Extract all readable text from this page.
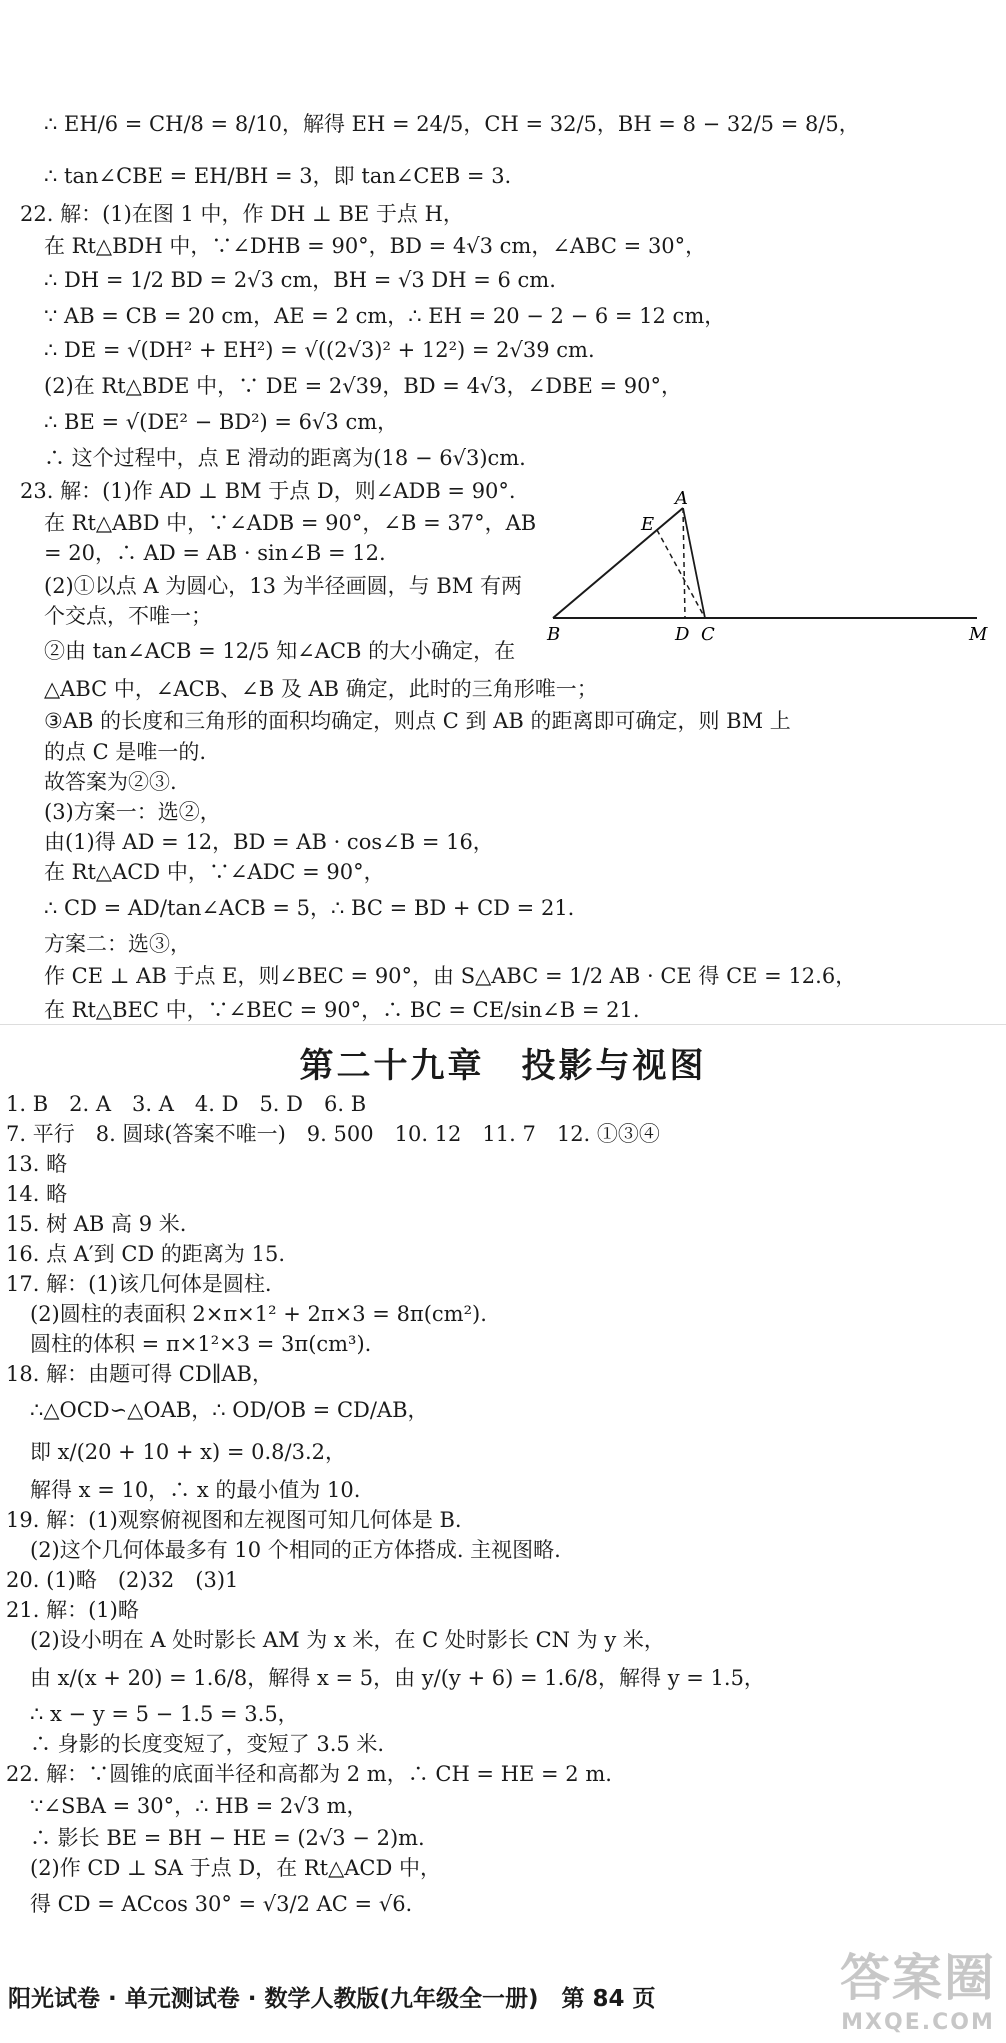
∴ EH/6 = CH/8 = 8/10，解得 EH = 24/5，CH = 32/5，BH = 8 − 32/5 = 8/5，
∴ tan∠CBE = EH/BH = 3，即 tan∠CEB = 3.
22. 解：(1)在图 1 中，作 DH ⊥ BE 于点 H，
在 Rt△BDH 中，∵∠DHB = 90°，BD = 4√3 cm，∠ABC = 30°，
∴ DH = 1/2 BD = 2√3 cm，BH = √3 DH = 6 cm.
∵ AB = CB = 20 cm，AE = 2 cm，∴ EH = 20 − 2 − 6 = 12 cm，
∴ DE = √(DH² + EH²) = √((2√3)² + 12²) = 2√39 cm.
(2)在 Rt△BDE 中，∵ DE = 2√39，BD = 4√3，∠DBE = 90°，
∴ BE = √(DE² − BD²) = 6√3 cm，
∴ 这个过程中，点 E 滑动的距离为(18 − 6√3)cm.
23. 解：(1)作 AD ⊥ BM 于点 D，则∠ADB = 90°.
在 Rt△ABD 中，∵∠ADB = 90°，∠B = 37°，AB
= 20，∴ AD = AB · sin∠B = 12.
(2)①以点 A 为圆心，13 为半径画圆，与 BM 有两
个交点，不唯一；
②由 tan∠ACB = 12/5 知∠ACB 的大小确定，在
△ABC 中，∠ACB、∠B 及 AB 确定，此时的三角形唯一；
③AB 的长度和三角形的面积均确定，则点 C 到 AB 的距离即可确定，则 BM 上
的点 C 是唯一的.
故答案为②③.
(3)方案一：选②，
由(1)得 AD = 12，BD = AB · cos∠B = 16，
在 Rt△ACD 中，∵∠ADC = 90°，
∴ CD = AD/tan∠ACB = 5，∴ BC = BD + CD = 21.
方案二：选③，
作 CE ⊥ AB 于点 E，则∠BEC = 90°，由 S△ABC = 1/2 AB · CE 得 CE = 12.6，
在 Rt△BEC 中，∵∠BEC = 90°，∴ BC = CE/sin∠B = 21.
1. B　2. A　3. A　4. D　5. D　6. B
7. 平行　8. 圆球(答案不唯一)　9. 500　10. 12　11. 7　12. ①③④
13. 略
14. 略
15. 树 AB 高 9 米.
16. 点 A′到 CD 的距离为 15.
17. 解：(1)该几何体是圆柱.
(2)圆柱的表面积 2×π×1² + 2π×3 = 8π(cm²).
圆柱的体积 = π×1²×3 = 3π(cm³).
18. 解：由题可得 CD∥AB，
∴△OCD∽△OAB，∴ OD/OB = CD/AB，
即 x/(20 + 10 + x) = 0.8/3.2，
解得 x = 10，∴ x 的最小值为 10.
19. 解：(1)观察俯视图和左视图可知几何体是 B.
(2)这个几何体最多有 10 个相同的正方体搭成. 主视图略.
20. (1)略　(2)32　(3)1
21. 解：(1)略
(2)设小明在 A 处时影长 AM 为 x 米，在 C 处时影长 CN 为 y 米，
由 x/(x + 20) = 1.6/8，解得 x = 5，由 y/(y + 6) = 1.6/8，解得 y = 1.5，
∴ x − y = 5 − 1.5 = 3.5，
∴ 身影的长度变短了，变短了 3.5 米.
22. 解：∵圆锥的底面半径和高都为 2 m，∴ CH = HE = 2 m.
∵∠SBA = 30°，∴ HB = 2√3 m，
∴ 影长 BE = BH − HE = (2√3 − 2)m.
(2)作 CD ⊥ SA 于点 D，在 Rt△ACD 中，
得 CD = ACcos 30° = √3/2 AC = √6.
第二十九章　投影与视图
A
E
B	D C	M
阳光试卷 · 单元测试卷 · 数学人教版(九年级全一册)　第 84 页	答案圈
MXQE.COM
